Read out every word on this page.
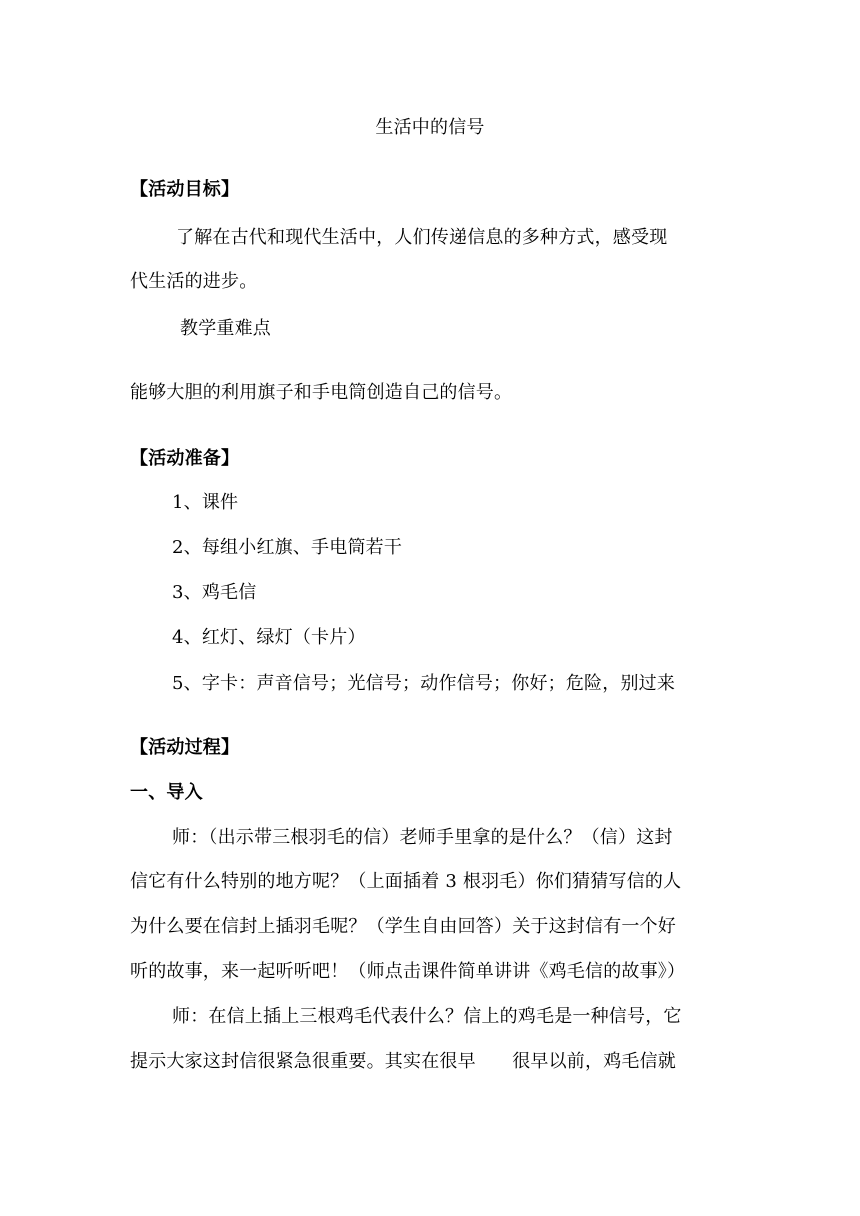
生活中的信号
【活动目标】
了解在古代和现代生活中，人们传递信息的多种方式，感受现
代生活的进步。
教学重难点
能够大胆的利用旗子和手电筒创造自己的信号。
【活动准备】
1、课件
2、每组小红旗、手电筒若干
3、鸡毛信
4、红灯、绿灯（卡片）
5、字卡：声音信号；光信号；动作信号；你好；危险，别过来
【活动过程】
一、导入
师：（出示带三根羽毛的信）老师手里拿的是什么？（信）这封
信它有什么特别的地方呢？（上面插着 3 根羽毛）你们猜猜写信的人
为什么要在信封上插羽毛呢？（学生自由回答）关于这封信有一个好
听的故事，来一起听听吧！（师点击课件简单讲讲《鸡毛信的故事》）
师：在信上插上三根鸡毛代表什么？信上的鸡毛是一种信号，它
提示大家这封信很紧急很重要。其实在很早　　很早以前，鸡毛信就
